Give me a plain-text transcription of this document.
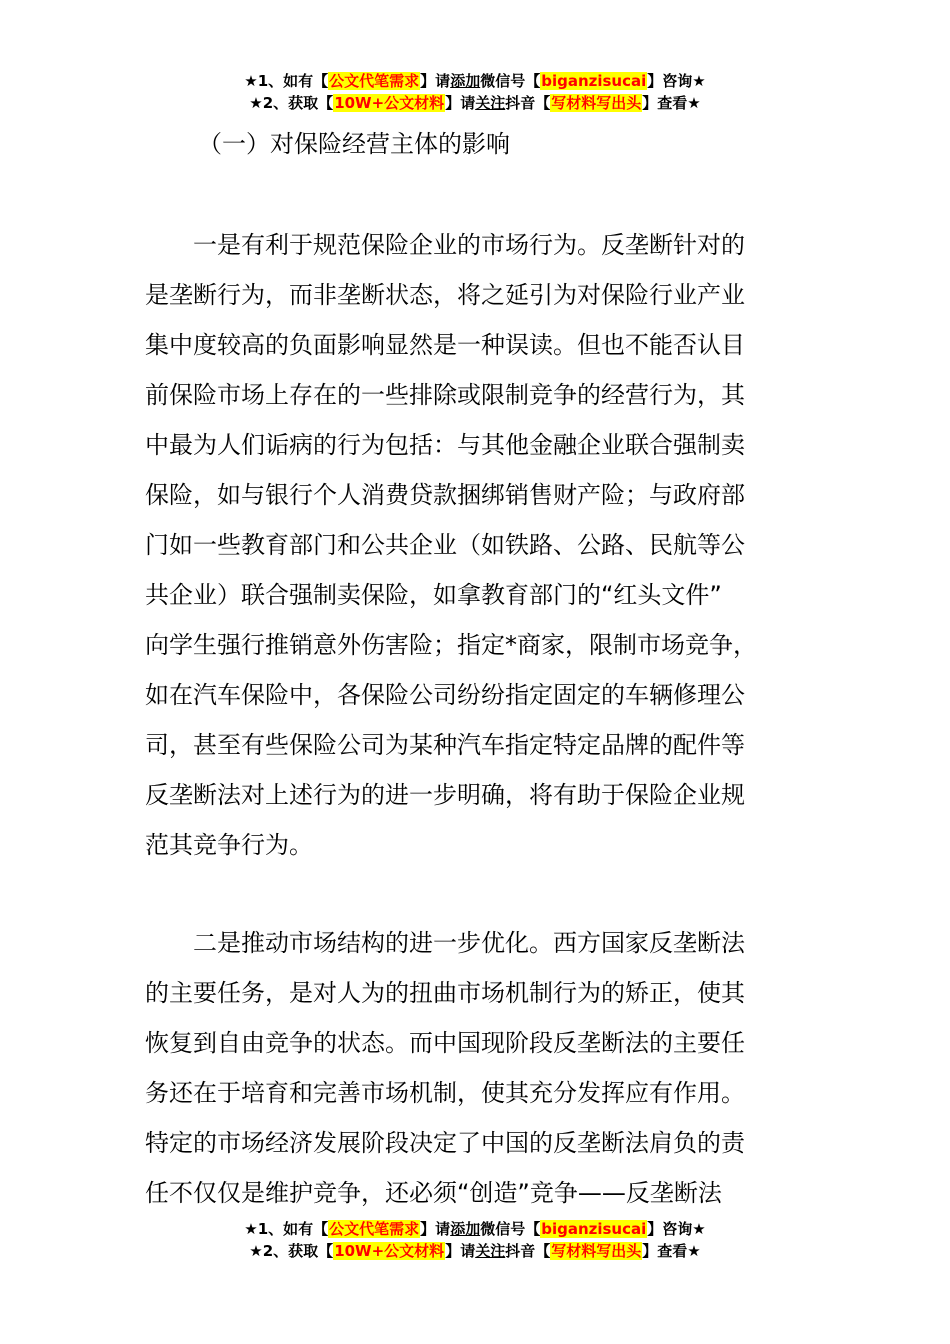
★1、如有【公文代笔需求】请添加微信号【biganzisucai】咨询★
★2、获取【10W+公文材料】请关注抖音【写材料写出头】查看★
（一）对保险经营主体的影响
　　一是有利于规范保险企业的市场行为。反垄断针对的
是垄断行为，而非垄断状态，将之延引为对保险行业产业
集中度较高的负面影响显然是一种误读。但也不能否认目
前保险市场上存在的一些排除或限制竞争的经营行为，其
中最为人们诟病的行为包括：与其他金融企业联合强制卖
保险，如与银行个人消费贷款捆绑销售财产险；与政府部
门如一些教育部门和公共企业（如铁路、公路、民航等公
共企业）联合强制卖保险，如拿教育部门的“红头文件”
向学生强行推销意外伤害险；指定*商家，限制市场竞争，
如在汽车保险中，各保险公司纷纷指定固定的车辆修理公
司，甚至有些保险公司为某种汽车指定特定品牌的配件等
反垄断法对上述行为的进一步明确，将有助于保险企业规
范其竞争行为。
　　二是推动市场结构的进一步优化。西方国家反垄断法
的主要任务，是对人为的扭曲市场机制行为的矫正，使其
恢复到自由竞争的状态。而中国现阶段反垄断法的主要任
务还在于培育和完善市场机制，使其充分发挥应有作用。
特定的市场经济发展阶段决定了中国的反垄断法肩负的责
任不仅仅是维护竞争，还必须“创造”竞争——反垄断法
★1、如有【公文代笔需求】请添加微信号【biganzisucai】咨询★
★2、获取【10W+公文材料】请关注抖音【写材料写出头】查看★
